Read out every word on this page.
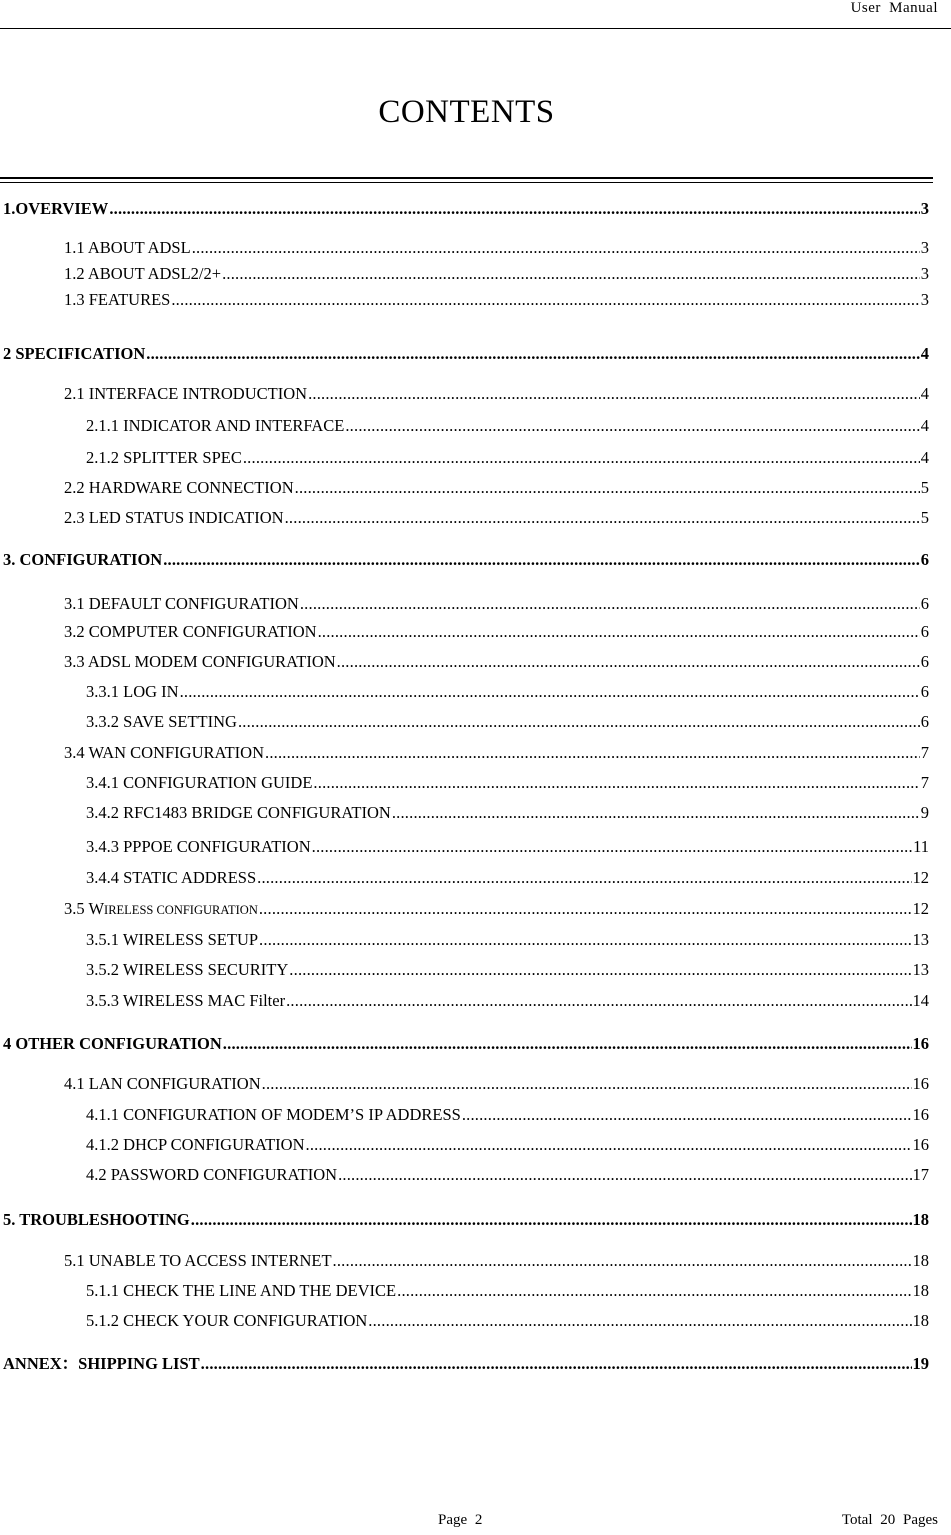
User Manual
CONTENTS
1.OVERVIEW .....	3
1.1 ABOUT ADSL .....	3
1.2 ABOUT ADSL2/2+ .....	3
1.3 FEATURES .....	3
2 SPECIFICATION .....	4
2.1 INTERFACE INTRODUCTION .....	4
2.1.1 INDICATOR AND INTERFACE .....	4
2.1.2 SPLITTER SPEC .....	4
2.2 HARDWARE CONNECTION .....	5
2.3 LED STATUS INDICATION .....	5
3. CONFIGURATION .....	6
3.1 DEFAULT CONFIGURATION .....	6
3.2 COMPUTER CONFIGURATION .....	6
3.3 ADSL MODEM CONFIGURATION .....	6
3.3.1 LOG IN .....	6
3.3.2 SAVE SETTING .....	6
3.4 WAN CONFIGURATION .....	7
3.4.1 CONFIGURATION GUIDE .....	7
3.4.2 RFC1483 BRIDGE CONFIGURATION .....	9
3.4.3 PPPOE CONFIGURATION .....	11
3.4.4 STATIC ADDRESS .....	12
3.5 WIRELESS CONFIGURATION .....	12
3.5.1 WIRELESS SETUP .....	13
3.5.2 WIRELESS SECURITY .....	13
3.5.3 WIRELESS MAC Filter .....	14
4 OTHER CONFIGURATION .....	16
4.1 LAN CONFIGURATION .....	16
4.1.1 CONFIGURATION OF MODEM’S IP ADDRESS .....	16
4.1.2 DHCP CONFIGURATION .....	16
4.2 PASSWORD CONFIGURATION .....	17
5. TROUBLESHOOTING .....	18
5.1 UNABLE TO ACCESS INTERNET .....	18
5.1.1 CHECK THE LINE AND THE DEVICE .....	18
5.1.2 CHECK YOUR CONFIGURATION .....	18
ANNEX：SHIPPING LIST .....	19
Page 2	Total 20 Pages
